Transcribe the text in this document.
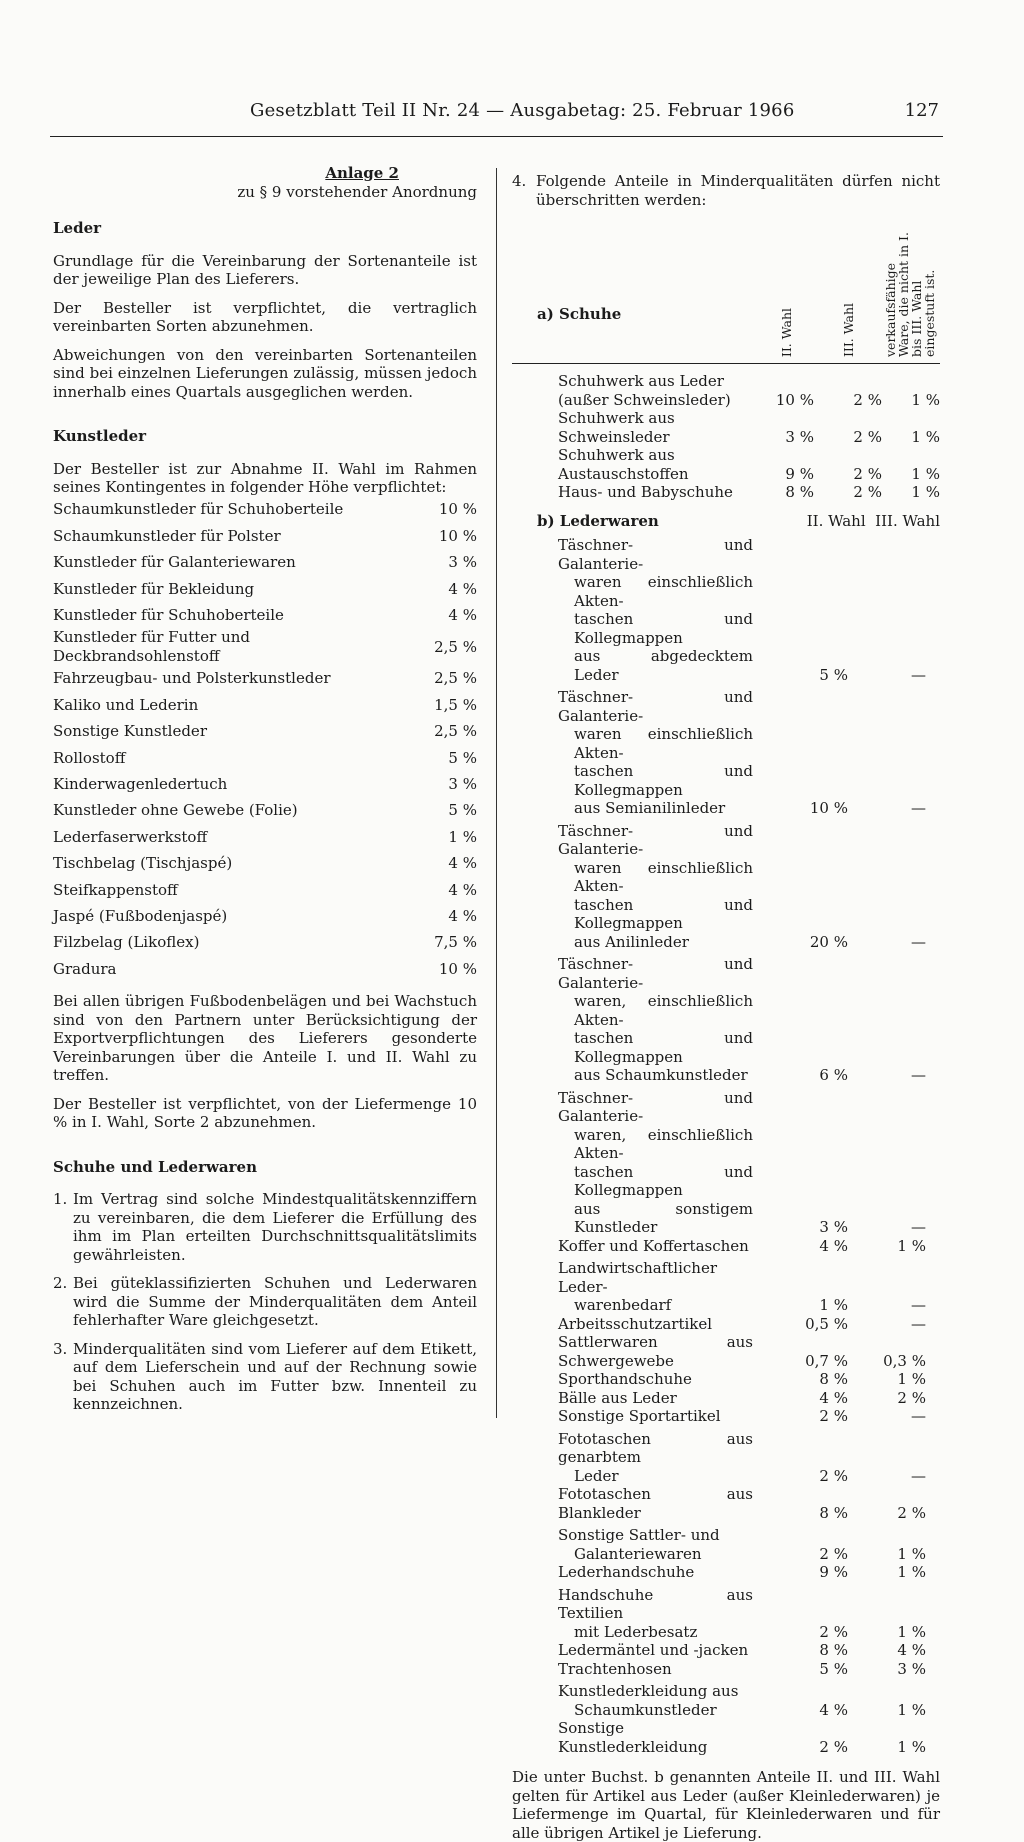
Gesetzblatt Teil II Nr. 24 — Ausgabetag: 25. Februar 1966	127

Anlage 2

zu § 9 vorstehender Anordnung

Leder

Grundlage für die Vereinbarung der Sortenanteile ist der jeweilige Plan des Lieferers.

Der Besteller ist verpflichtet, die vertraglich vereinbarten Sorten abzunehmen.

Abweichungen von den vereinbarten Sortenanteilen sind bei einzelnen Lieferungen zulässig, müssen jedoch innerhalb eines Quartals ausgeglichen werden.

Kunstleder

Der Besteller ist zur Abnahme II. Wahl im Rahmen seines Kontingentes in folgender Höhe verpflichtet:

Schaumkunstleder für Schuhoberteile	10 %
Schaumkunstleder für Polster	10 %
Kunstleder für Galanteriewaren	3 %
Kunstleder für Bekleidung	4 %
Kunstleder für Schuhoberteile	4 %
Kunstleder für Futter und Deckbrandsohlenstoff	2,5 %
Fahrzeugbau- und Polsterkunstleder	2,5 %
Kaliko und Lederin	1,5 %
Sonstige Kunstleder	2,5 %
Rollostoff	5 %
Kinderwagenledertuch	3 %
Kunstleder ohne Gewebe (Folie)	5 %
Lederfaserwerkstoff	1 %
Tischbelag (Tischjaspé)	4 %
Steifkappenstoff	4 %
Jaspé (Fußbodenjaspé)	4 %
Filzbelag (Likoflex)	7,5 %
Gradura	10 %

Bei allen übrigen Fußbodenbelägen und bei Wachstuch sind von den Partnern unter Berücksichtigung der Exportverpflichtungen des Lieferers gesonderte Vereinbarungen über die Anteile I. und II. Wahl zu treffen.

Der Besteller ist verpflichtet, von der Liefermenge 10 % in I. Wahl, Sorte 2 abzunehmen.

Schuhe und Lederwaren

1. Im Vertrag sind solche Mindestqualitätskennziffern zu vereinbaren, die dem Lieferer die Erfüllung des ihm im Plan erteilten Durchschnittsqualitätslimits gewährleisten.
2. Bei güteklassifizierten Schuhen und Lederwaren wird die Summe der Minderqualitäten dem Anteil fehlerhafter Ware gleichgesetzt.
3. Minderqualitäten sind vom Lieferer auf dem Etikett, auf dem Lieferschein und auf der Rechnung sowie bei Schuhen auch im Futter bzw. Innenteil zu kennzeichnen.

4. Folgende Anteile in Minderqualitäten dürfen nicht überschritten werden:

a) Schuhe	II. Wahl	III. Wahl verkaufsfähige Ware, die nicht in I. bis III. Wahl eingestuft ist.
Schuhwerk aus Leder
(außer Schweinsleder)	10 %	2 %	1 %

Schuhwerk aus
Schweinsleder	3 %	2 %	1 %

Schuhwerk aus
Austauschstoffen	9 %	2 %	1 %

Haus- und Babyschuhe	8 %	2 %	1 %
b) Lederwaren	II. Wahl III. Wahl
Täschner- und Galanterie-
waren einschließlich Akten-
taschen und Kollegmappen
aus abgedecktem Leder	5 %	—

Täschner- und Galanterie-
waren einschließlich Akten-
taschen und Kollegmappen
aus Semianilinleder	10 %	—

Täschner- und Galanterie-
waren einschließlich Akten-
taschen und Kollegmappen
aus Anilinleder	20 %	—

Täschner- und Galanterie-
waren, einschließlich Akten-
taschen und Kollegmappen
aus Schaumkunstleder	6 %	—

Täschner- und Galanterie-
waren, einschließlich Akten-
taschen und Kollegmappen
aus sonstigem Kunstleder	3 %	—

Koffer und Koffertaschen	4 %	1 %

Landwirtschaftlicher Leder-
warenbedarf	1 %	—

Arbeitsschutzartikel	0,5 %	—

Sattlerwaren aus Schwergewebe	0,7 %	0,3 %

Sporthandschuhe	8 %	1 %

Bälle aus Leder	4 %	2 %

Sonstige Sportartikel	2 %	—

Fototaschen aus genarbtem
Leder	2 %	—

Fototaschen aus Blankleder	8 %	2 %

Sonstige Sattler- und
Galanteriewaren	2 %	1 %

Lederhandschuhe	9 %	1 %

Handschuhe aus Textilien
mit Lederbesatz	2 %	1 %

Ledermäntel und -jacken	8 %	4 %

Trachtenhosen	5 %	3 %

Kunstlederkleidung aus
Schaumkunstleder	4 %	1 %

Sonstige Kunstlederkleidung	2 %	1 %

Die unter Buchst. b genannten Anteile II. und III. Wahl gelten für Artikel aus Leder (außer Kleinlederwaren) je Liefermenge im Quartal, für Kleinlederwaren und für alle übrigen Artikel je Lieferung.
